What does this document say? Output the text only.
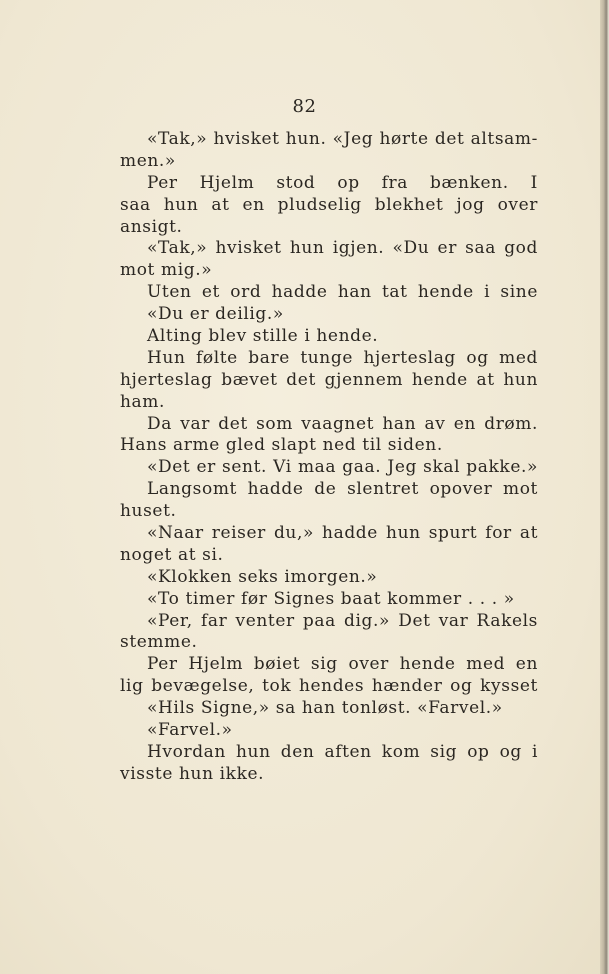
82
«Tak,» hvisket hun. «Jeg hørte det altsam-
men.»
Per Hjelm stod op fra bænken. I
saa hun at en pludselig blekhet jog over
ansigt.
«Tak,» hvisket hun igjen. «Du er saa god
mot mig.»
Uten et ord hadde han tat hende i sine
«Du er deilig.»
Alting blev stille i hende.
Hun følte bare tunge hjerteslag og med
hjerteslag bævet det gjennem hende at hun
ham.
Da var det som vaagnet han av en drøm.
Hans arme gled slapt ned til siden.
«Det er sent. Vi maa gaa. Jeg skal pakke.»
Langsomt hadde de slentret opover mot
huset.
«Naar reiser du,» hadde hun spurt for at
noget at si.
«Klokken seks imorgen.»
«To timer før Signes baat kommer . . . »
«Per, far venter paa dig.» Det var Rakels
stemme.
Per Hjelm bøiet sig over hende med en
lig bevægelse, tok hendes hænder og kysset
«Hils Signe,» sa han tonløst. «Farvel.»
«Farvel.»
Hvordan hun den aften kom sig op og i
visste hun ikke.
